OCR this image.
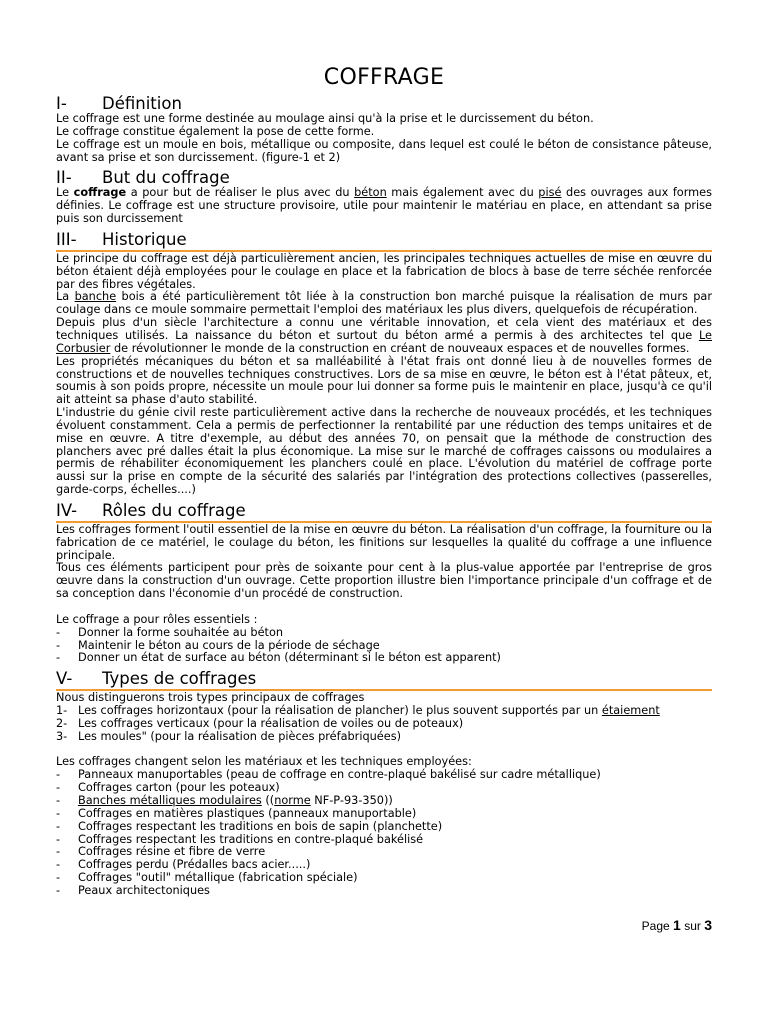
COFFRAGE
I-	Définition

Le coffrage est une forme destinée au moulage ainsi qu'à la prise et le durcissement du béton.

Le coffrage constitue également la pose de cette forme.

Le coffrage est un moule en bois, métallique ou composite, dans lequel est coulé le béton de consistance pâteuse, avant sa prise et son durcissement. (figure-1 et 2)

II-	But du coffrage

Le coffrage a pour but de réaliser le plus avec du béton mais également avec du pisé des ouvrages aux formes définies. Le coffrage est une structure provisoire, utile pour maintenir le matériau en place, en attendant sa prise puis son durcissement

III-	Historique

Le principe du coffrage est déjà particulièrement ancien, les principales techniques actuelles de mise en œuvre du béton étaient déjà employées pour le coulage en place et la fabrication de blocs à base de terre séchée renforcée par des fibres végétales.

La banche bois a été particulièrement tôt liée à la construction bon marché puisque la réalisation de murs par coulage dans ce moule sommaire permettait l'emploi des matériaux les plus divers, quelquefois de récupération.

Depuis plus d'un siècle l'architecture a connu une véritable innovation, et cela vient des matériaux et des techniques utilisés. La naissance du béton et surtout du béton armé a permis à des architectes tel que Le Corbusier de révolutionner le monde de la construction en créant de nouveaux espaces et de nouvelles formes.

Les propriétés mécaniques du béton et sa malléabilité à l'état frais ont donné lieu à de nouvelles formes de constructions et de nouvelles techniques constructives. Lors de sa mise en œuvre, le béton est à l'état pâteux, et, soumis à son poids propre, nécessite un moule pour lui donner sa forme puis le maintenir en place, jusqu'à ce qu'il ait atteint sa phase d'auto stabilité.

L'industrie du génie civil reste particulièrement active dans la recherche de nouveaux procédés, et les techniques évoluent constamment. Cela a permis de perfectionner la rentabilité par une réduction des temps unitaires et de mise en œuvre. A titre d'exemple, au début des années 70, on pensait que la méthode de construction des planchers avec pré dalles était la plus économique. La mise sur le marché de coffrages caissons ou modulaires a permis de réhabiliter économiquement les planchers coulé en place. L'évolution du matériel de coffrage porte aussi sur la prise en compte de la sécurité des salariés par l'intégration des protections collectives (passerelles, garde-corps, échelles....)

IV-	Rôles du coffrage

Les coffrages forment l'outil essentiel de la mise en œuvre du béton. La réalisation d'un coffrage, la fourniture ou la fabrication de ce matériel, le coulage du béton, les finitions sur lesquelles la qualité du coffrage a une influence principale.

Tous ces éléments participent pour près de soixante pour cent à la plus-value apportée par l'entreprise de gros œuvre dans la construction d'un ouvrage. Cette proportion illustre bien l'importance principale d'un coffrage et de sa conception dans l'économie d'un procédé de construction.

Le coffrage a pour rôles essentiels :

-	Donner la forme souhaitée au béton
-	Maintenir le béton au cours de la période de séchage
-	Donner un état de surface au béton (déterminant si le béton est apparent)
V-	Types de coffrages

Nous distinguerons trois types principaux de coffrages

1- Les coffrages horizontaux (pour la réalisation de plancher) le plus souvent supportés par un étaiement
2- Les coffrages verticaux (pour la réalisation de voiles ou de poteaux)
3- Les moules" (pour la réalisation de pièces préfabriquées)

Les coffrages changent selon les matériaux et les techniques employées:

-	Panneaux manuportables (peau de coffrage en contre-plaqué bakélisé sur cadre métallique)
-	Coffrages carton (pour les poteaux)
-	Banches métalliques modulaires ((norme NF-P-93-350))
-	Coffrages en matières plastiques (panneaux manuportable)
-	Coffrages respectant les traditions en bois de sapin (planchette)
-	Coffrages respectant les traditions en contre-plaqué bakélisé
-	Coffrages résine et fibre de verre
-	Coffrages perdu (Prédalles bacs acier.....)
-	Coffrages "outil" métallique (fabrication spéciale)
-	Peaux architectoniques
Page 1 sur 3
